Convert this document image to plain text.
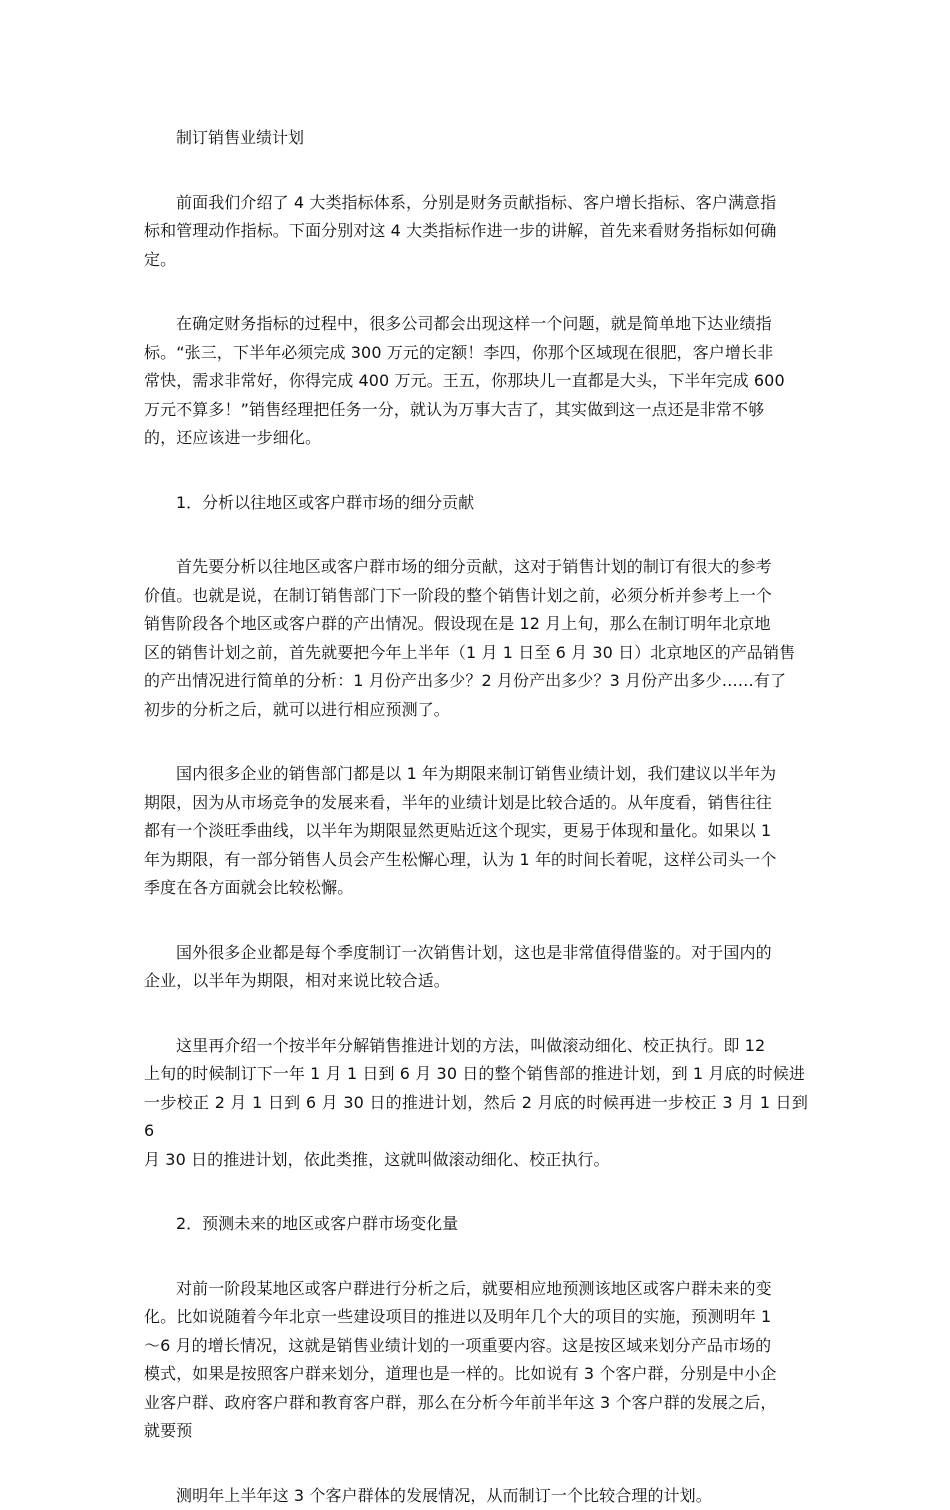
制订销售业绩计划

前面我们介绍了 4 大类指标体系，分别是财务贡献指标、客户增长指标、客户满意指
标和管理动作指标。下面分别对这 4 大类指标作进一步的讲解，首先来看财务指标如何确
定。

在确定财务指标的过程中，很多公司都会出现这样一个问题，就是简单地下达业绩指
标。“张三，下半年必须完成 300 万元的定额！李四，你那个区域现在很肥，客户增长非
常快，需求非常好，你得完成 400 万元。王五，你那块儿一直都是大头，下半年完成 600
万元不算多！”销售经理把任务一分，就认为万事大吉了，其实做到这一点还是非常不够
的，还应该进一步细化。

1．分析以往地区或客户群市场的细分贡献

首先要分析以往地区或客户群市场的细分贡献，这对于销售计划的制订有很大的参考
价值。也就是说，在制订销售部门下一阶段的整个销售计划之前，必须分析并参考上一个
销售阶段各个地区或客户群的产出情况。假设现在是 12 月上旬，那么在制订明年北京地
区的销售计划之前，首先就要把今年上半年（1 月 1 日至 6 月 30 日）北京地区的产品销售
的产出情况进行简单的分析：1 月份产出多少？2 月份产出多少？3 月份产出多少……有了
初步的分析之后，就可以进行相应预测了。

国内很多企业的销售部门都是以 1 年为期限来制订销售业绩计划，我们建议以半年为
期限，因为从市场竞争的发展来看，半年的业绩计划是比较合适的。从年度看，销售往往
都有一个淡旺季曲线，以半年为期限显然更贴近这个现实，更易于体现和量化。如果以 1
年为期限，有一部分销售人员会产生松懈心理，认为 1 年的时间长着呢，这样公司头一个
季度在各方面就会比较松懈。

国外很多企业都是每个季度制订一次销售计划，这也是非常值得借鉴的。对于国内的
企业，以半年为期限，相对来说比较合适。

这里再介绍一个按半年分解销售推进计划的方法，叫做滚动细化、校正执行。即 12
上旬的时候制订下一年 1 月 1 日到 6 月 30 日的整个销售部的推进计划，到 1 月底的时候进
一步校正 2 月 1 日到 6 月 30 日的推进计划，然后 2 月底的时候再进一步校正 3 月 1 日到 6
月 30 日的推进计划，依此类推，这就叫做滚动细化、校正执行。

2．预测未来的地区或客户群市场变化量

对前一阶段某地区或客户群进行分析之后，就要相应地预测该地区或客户群未来的变
化。比如说随着今年北京一些建设项目的推进以及明年几个大的项目的实施，预测明年 1
～6 月的增长情况，这就是销售业绩计划的一项重要内容。这是按区域来划分产品市场的
模式，如果是按照客户群来划分，道理也是一样的。比如说有 3 个客户群，分别是中小企
业客户群、政府客户群和教育客户群，那么在分析今年前半年这 3 个客户群的发展之后，
就要预

测明年上半年这 3 个客户群体的发展情况，从而制订一个比较合理的计划。
